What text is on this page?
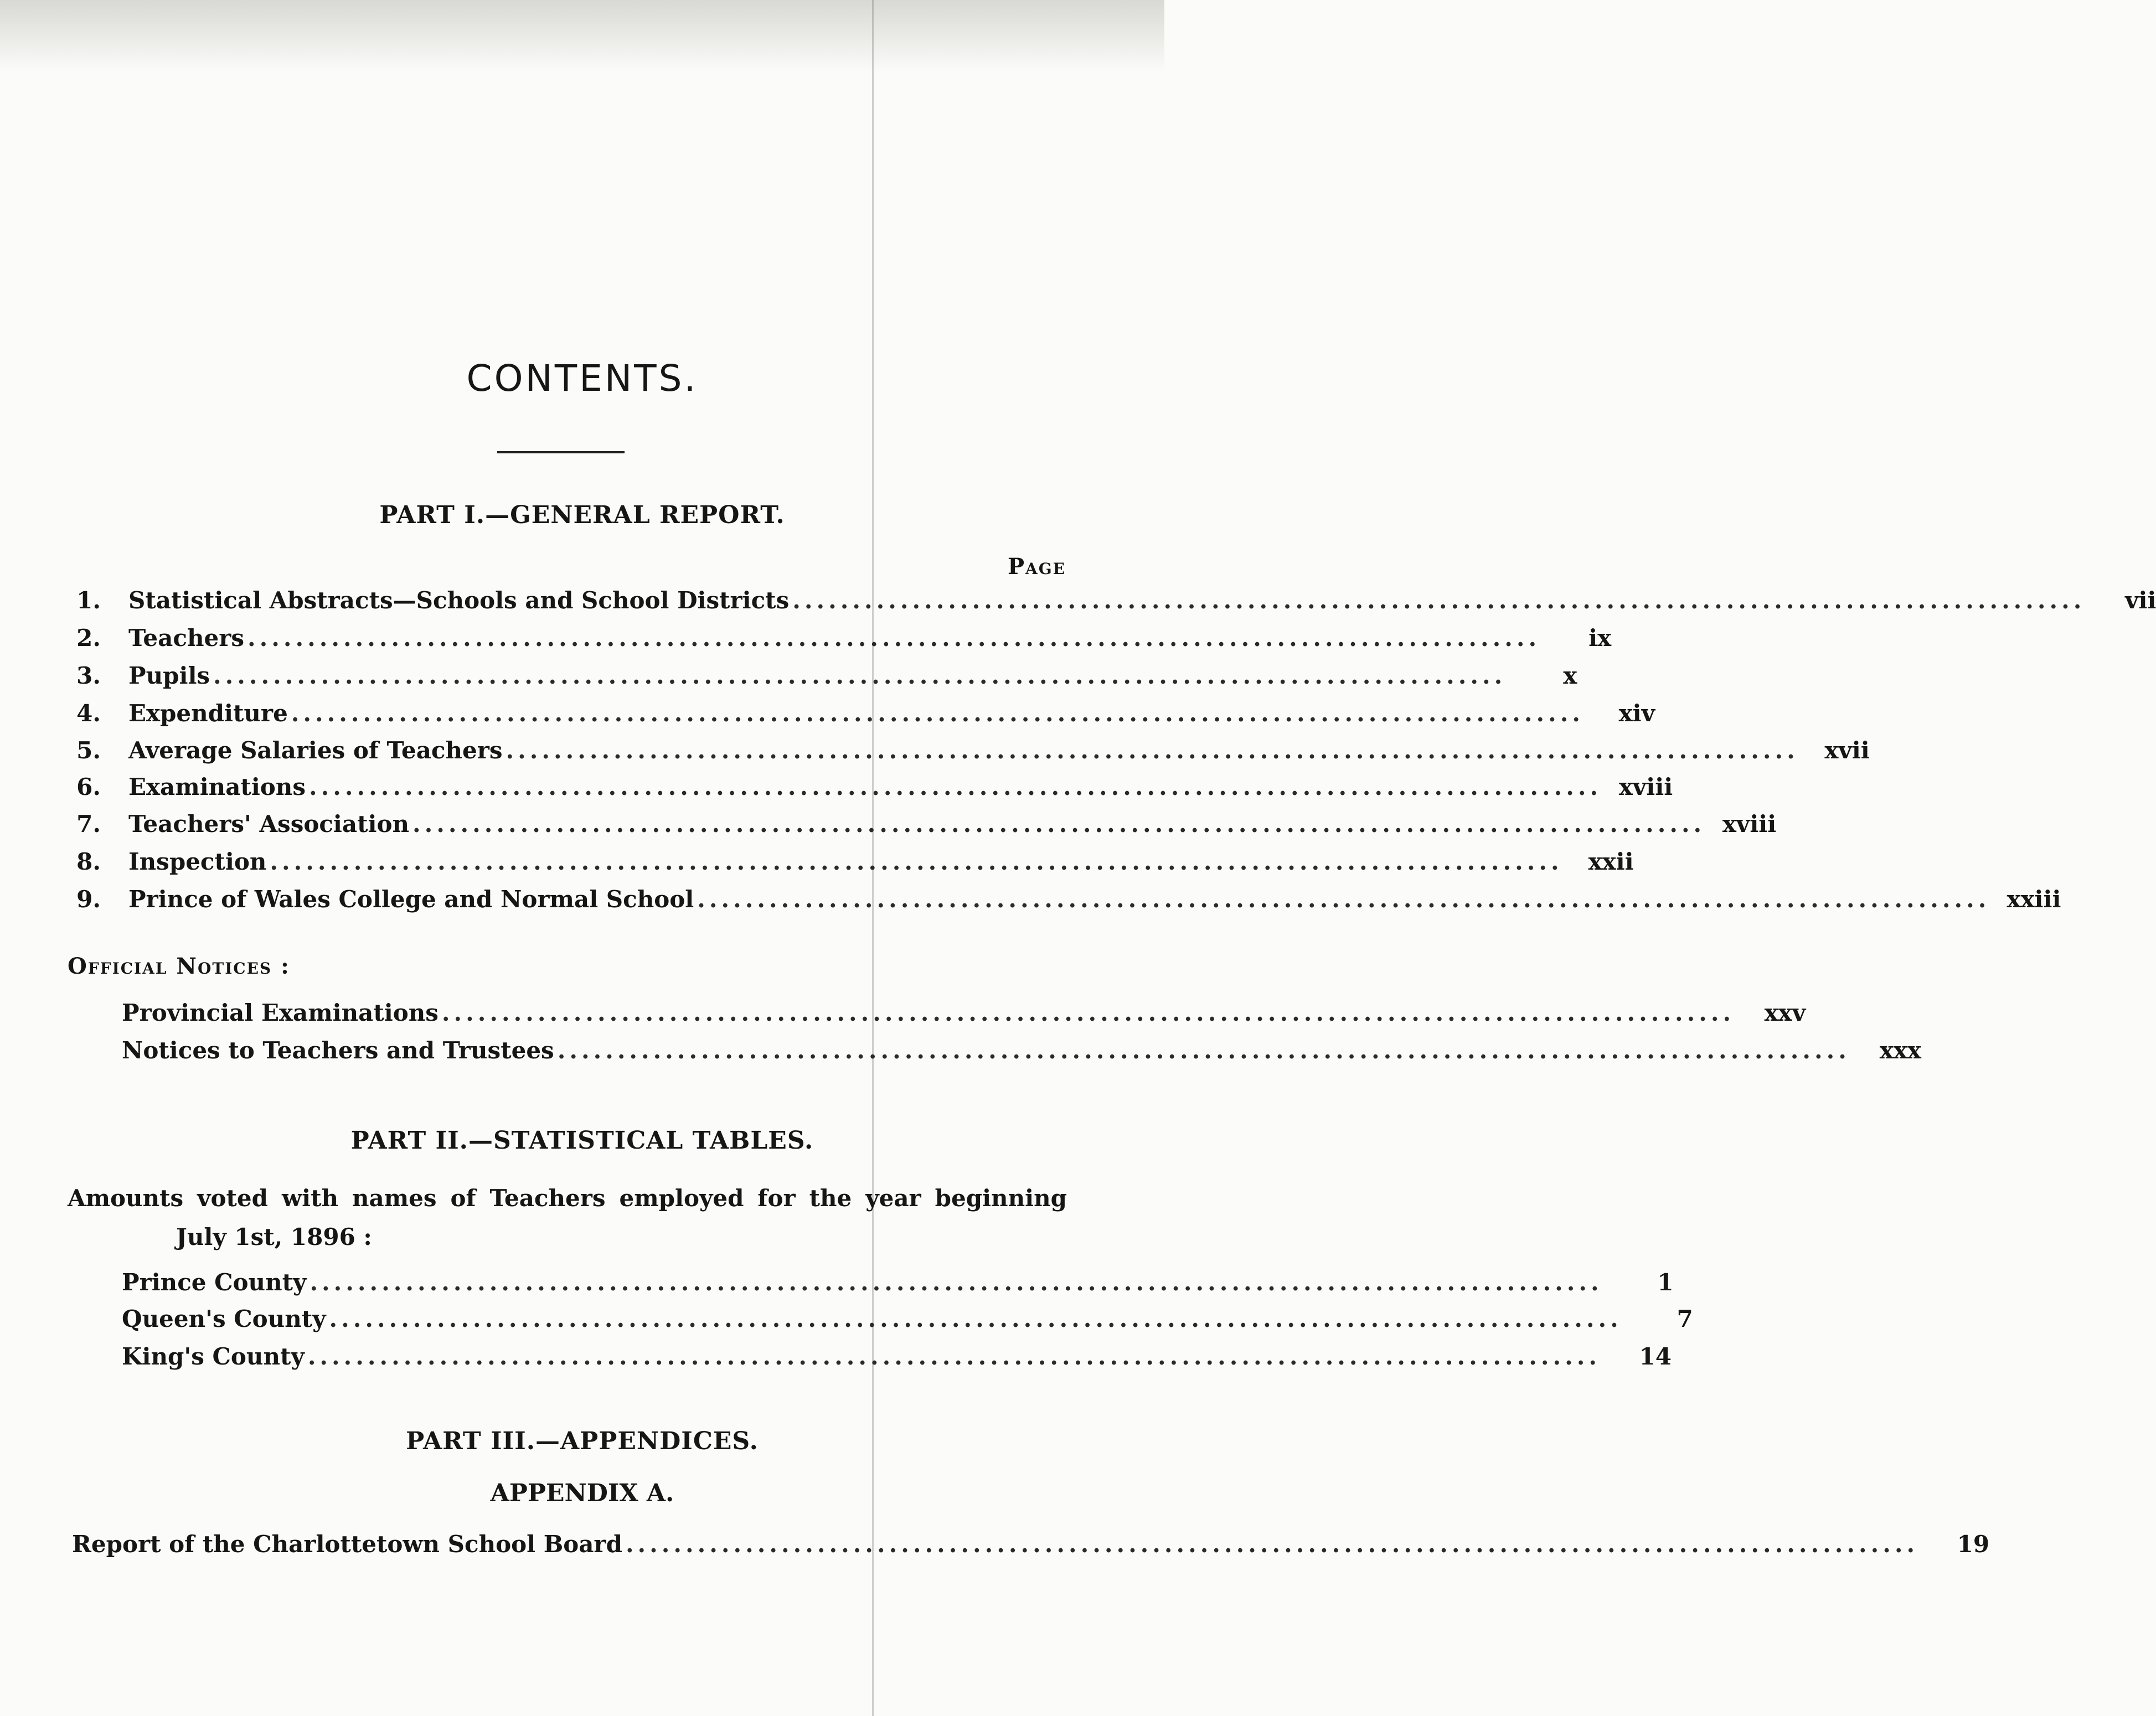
CONTENTS.
PART I.—GENERAL REPORT.
Page
1. Statistical Abstracts—Schools and School Districts ............................................................................................................	vii
2. Teachers ............................................................................................................	ix
3. Pupils ............................................................................................................	x
4. Expenditure ............................................................................................................	xiv
5. Average Salaries of Teachers ............................................................................................................	xvii
6. Examinations ............................................................................................................ xviii
7. Teachers' Association ............................................................................................................ xviii
8. Inspection ............................................................................................................	xxii
9. Prince of Wales College and Normal School ............................................................................................................ xxiii
Official Notices :
Provincial Examinations ............................................................................................................	xxv
Notices to Teachers and Trustees ............................................................................................................	xxx
PART II.—STATISTICAL TABLES.
Amounts voted with names of Teachers employed for the year beginning
July 1st, 1896 :
Prince County ............................................................................................................	1
Queen's County ............................................................................................................	7
King's County ............................................................................................................	14
PART III.—APPENDICES.
APPENDIX A.
Report of the Charlottetown School Board ............................................................................................................	19
